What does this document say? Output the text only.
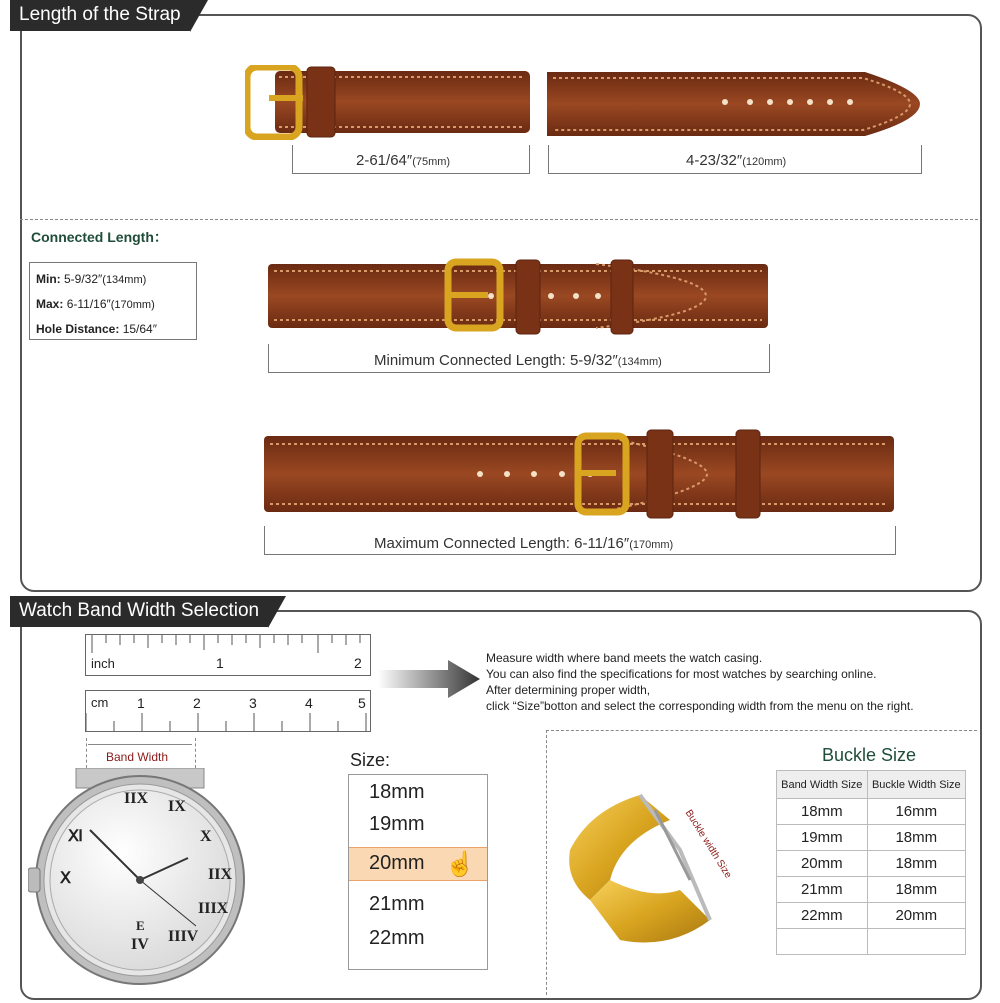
Length of the Strap
2-61/64″(75mm)	4-23/32″(120mm)
Connected Length：
Min: 5-9/32″(134mm)
Max: 6-11/16″(170mm)
Hole Distance: 15/64″
Minimum Connected Length: 5-9/32″(134mm)
Maximum Connected Length: 6-11/16″(170mm)
Watch Band Width Selection
inch	1	2
cm 1	2	3	4	5
Measure width where band meets the watch casing.
You can also find the specifications for most watches by searching online.
After determining proper width,
click “Size”botton and select the corresponding width from the menu on the right.
Band Width
IIX IX
X
IIX
IIIX
IIIV
IV
E
Ⅺ
Ⅹ
Size:
18mm
19mm
20mm ☝
21mm
22mm
Buckle width Size
Buckle Size
Band Width Size	Buckle Width Size
18mm	16mm
19mm	18mm
20mm	18mm
21mm	18mm
22mm	20mm
